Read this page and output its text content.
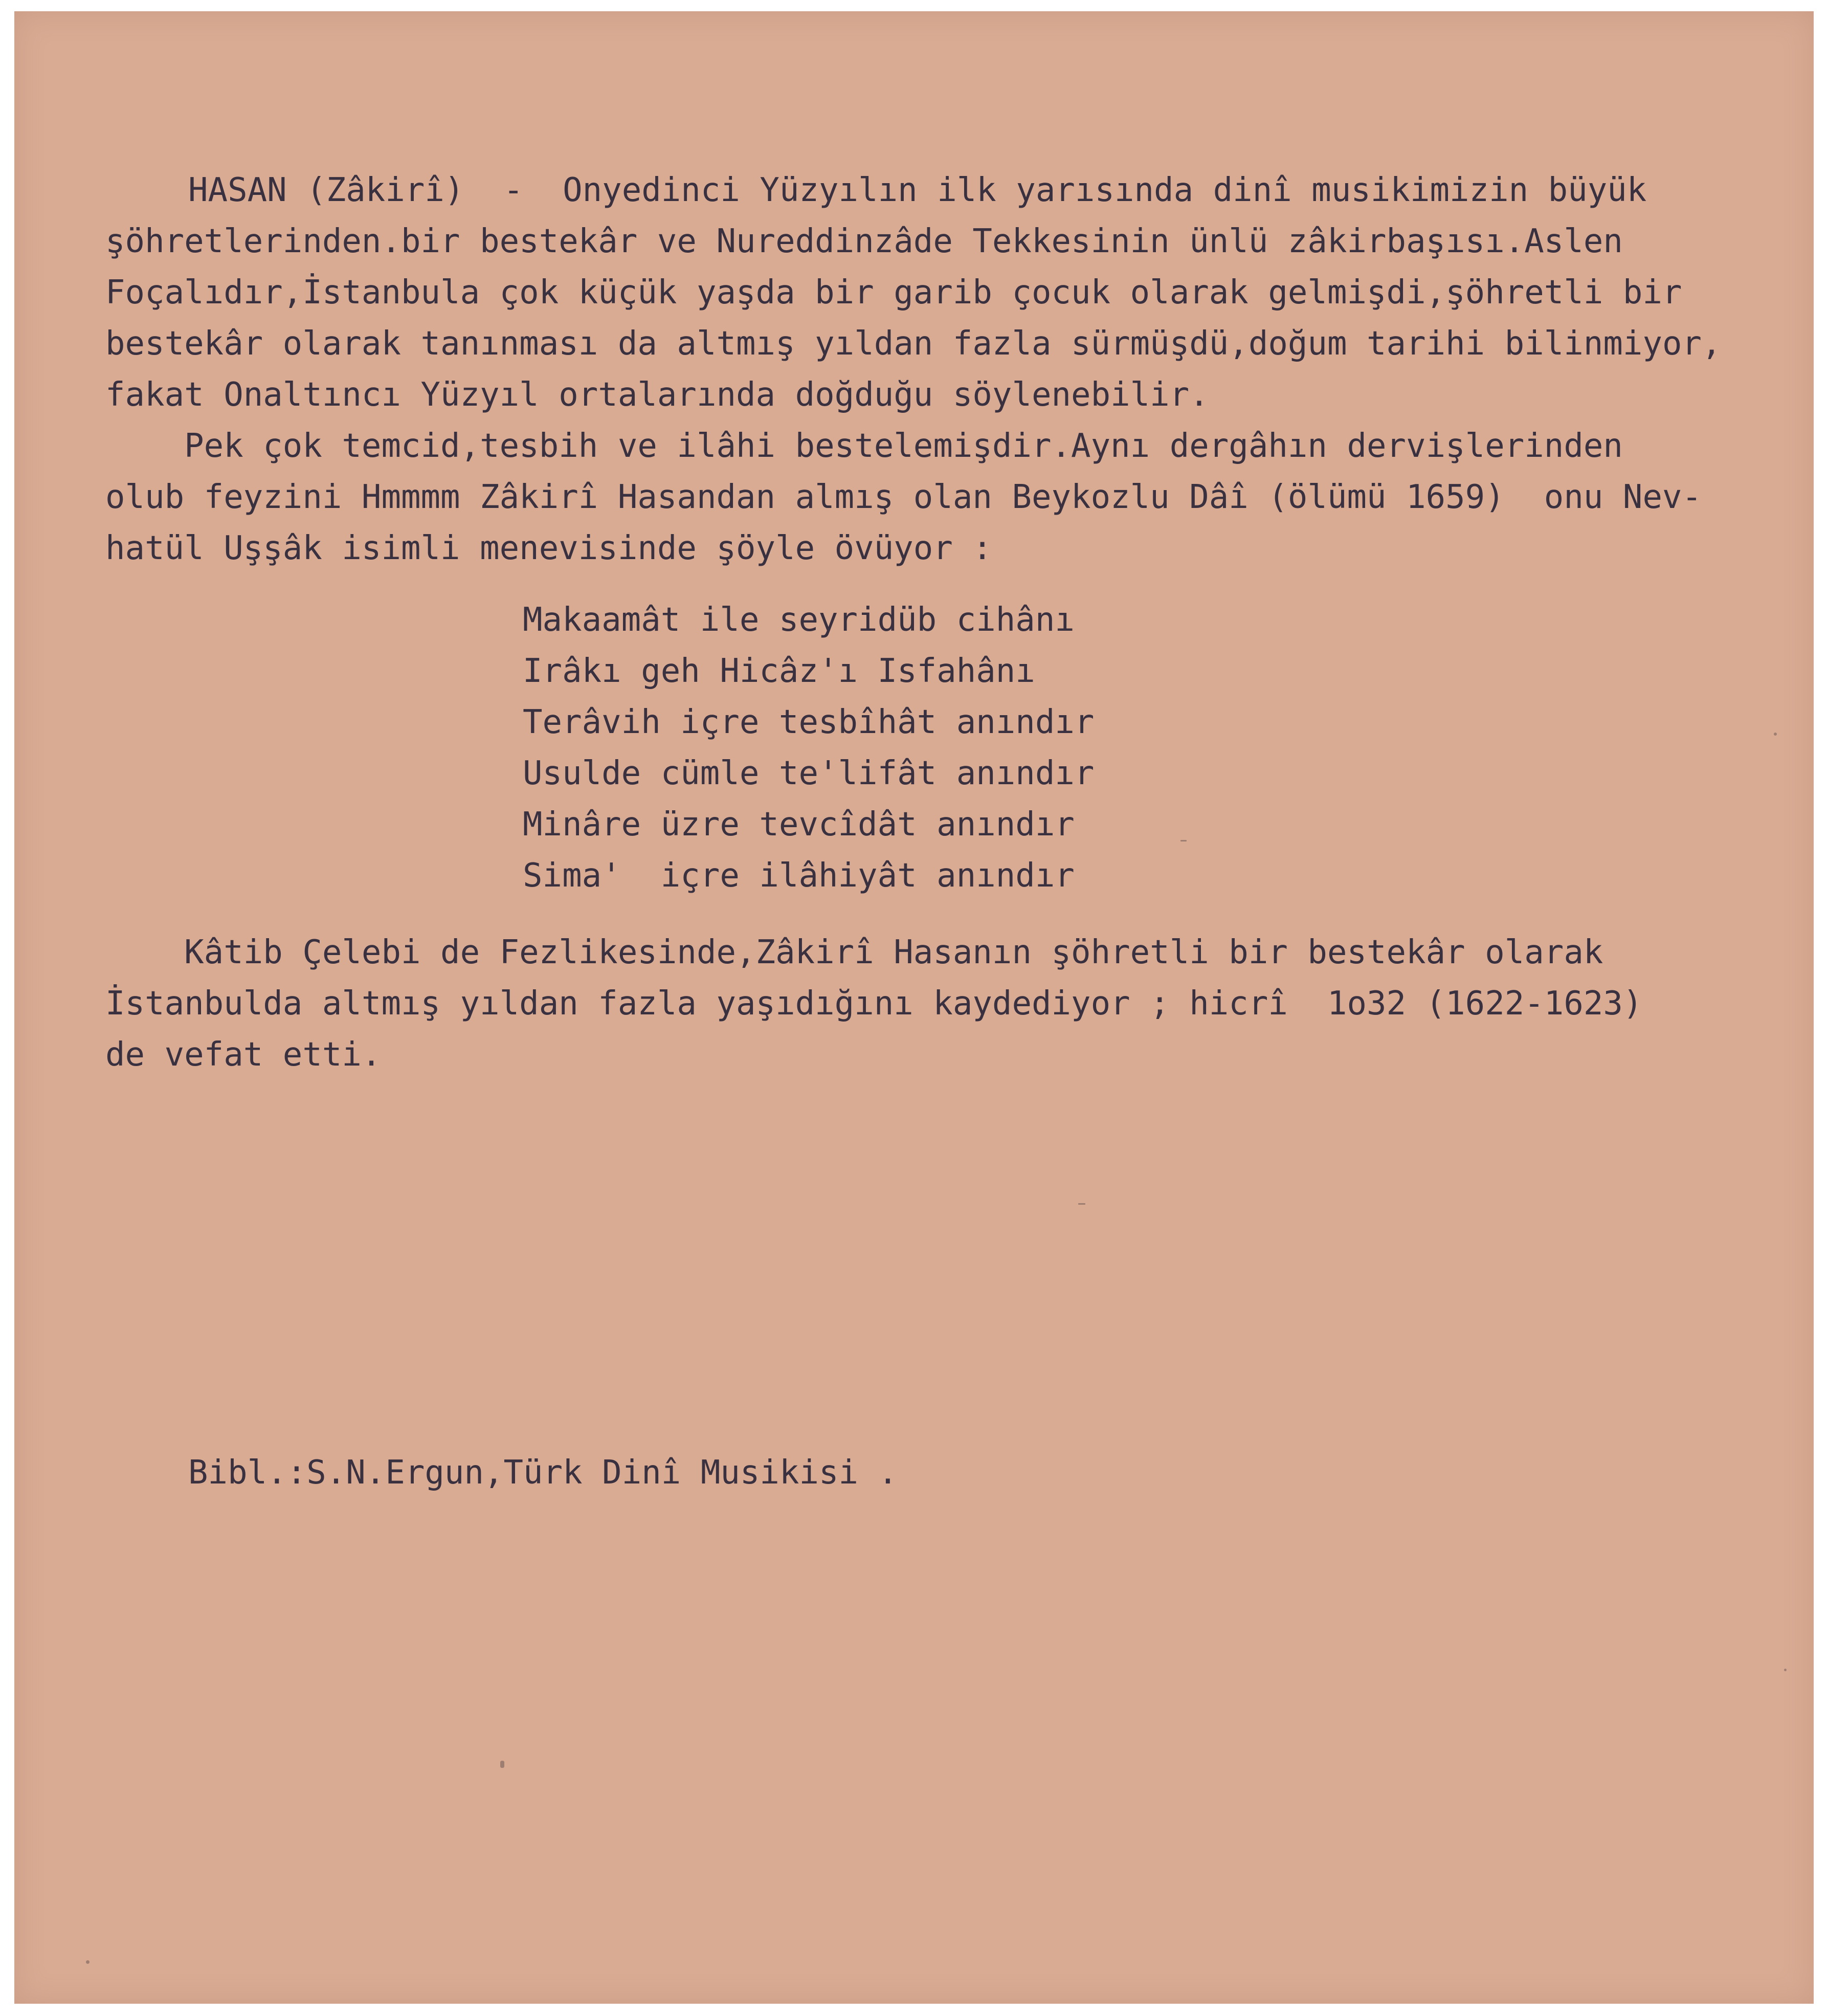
HASAN (Zâkirî)  -  Onyedinci Yüzyılın ilk yarısında dinî musikimizin büyük
şöhretlerinden.bir bestekâr ve Nureddinzâde Tekkesinin ünlü zâkirbaşısı.Aslen
Foçalıdır,İstanbula çok küçük yaşda bir garib çocuk olarak gelmişdi,şöhretli bir
bestekâr olarak tanınması da altmış yıldan fazla sürmüşdü,doğum tarihi bilinmiyor,
fakat Onaltıncı Yüzyıl ortalarında doğduğu söylenebilir.
Pek çok temcid,tesbih ve ilâhi bestelemişdir.Aynı dergâhın dervişlerinden
olub feyzini Hmmmm Zâkirî Hasandan almış olan Beykozlu Dâî (ölümü 1659)  onu Nev-
hatül Uşşâk isimli menevisinde şöyle övüyor :
Makaamât ile seyridüb cihânı
Irâkı geh Hicâz'ı Isfahânı
Terâvih içre tesbîhât anındır
Usulde cümle te'lifât anındır
Minâre üzre tevcîdât anındır
Sima'  içre ilâhiyât anındır
Kâtib Çelebi de Fezlikesinde,Zâkirî Hasanın şöhretli bir bestekâr olarak
İstanbulda altmış yıldan fazla yaşıdığını kaydediyor ; hicrî  1o32 (1622-1623)
de vefat etti.
Bibl.:S.N.Ergun,Türk Dinî Musikisi .
